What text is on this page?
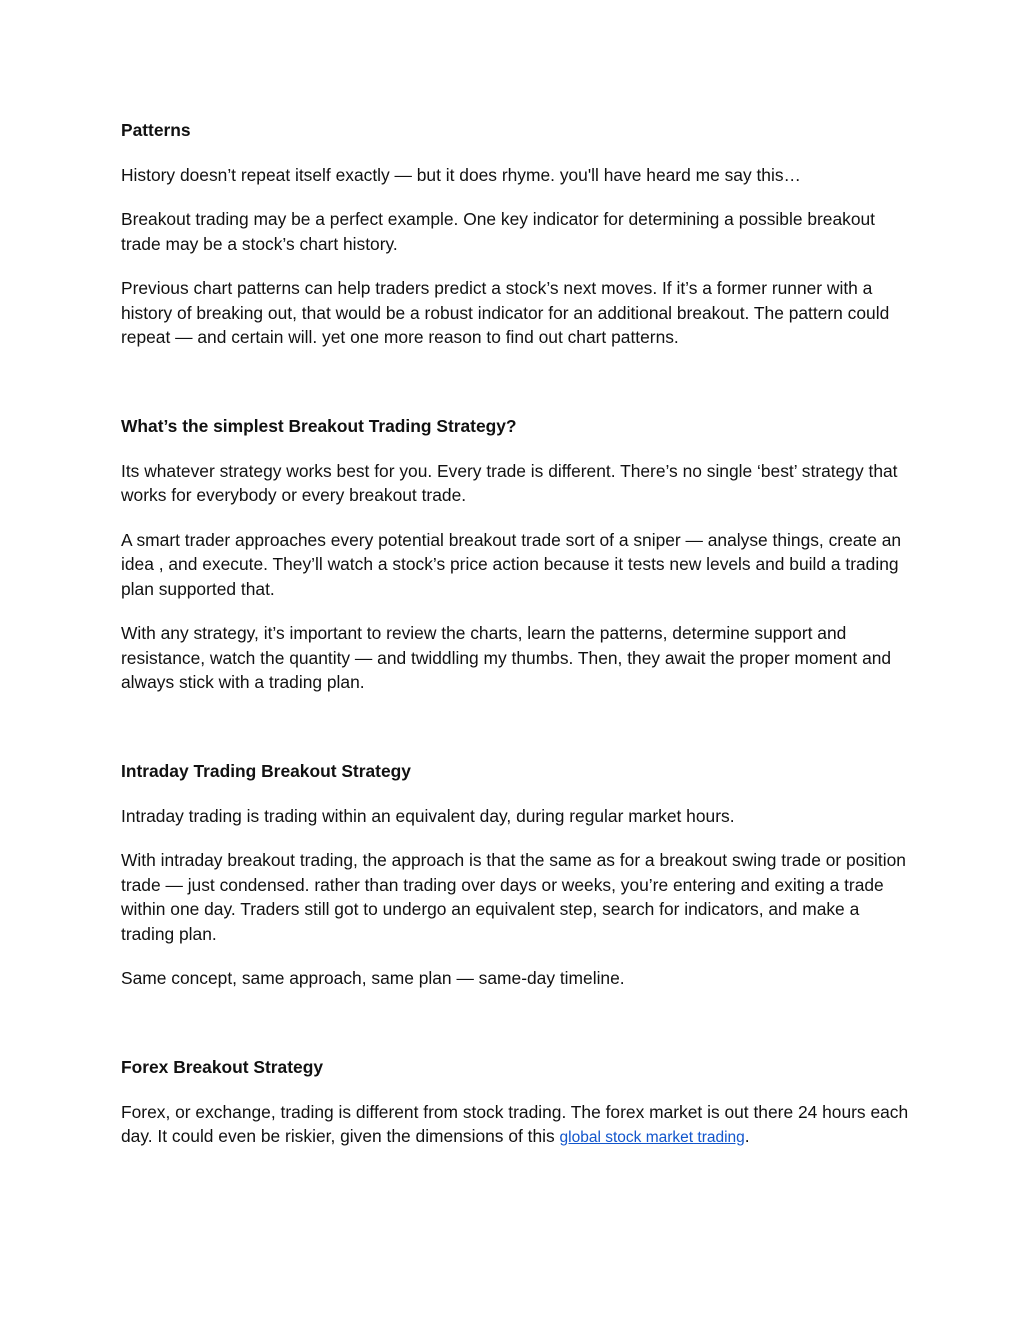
Patterns
History doesn’t repeat itself exactly — but it does rhyme. you'll have heard me say this…
Breakout trading may be a perfect example. One key indicator for determining a possible breakout trade may be a stock’s chart history.
Previous chart patterns can help traders predict a stock’s next moves. If it’s a former runner with a history of breaking out, that would be a robust indicator for an additional breakout. The pattern could repeat — and certain will. yet one more reason to find out chart patterns.
What’s the simplest Breakout Trading Strategy?
Its whatever strategy works best for you. Every trade is different. There’s no single ‘best’ strategy that works for everybody or every breakout trade.
A smart trader approaches every potential breakout trade sort of a sniper — analyse things, create an idea , and execute. They’ll watch a stock’s price action because it tests new levels and build a trading plan supported that.
With any strategy, it’s important to review the charts, learn the patterns, determine support and resistance, watch the quantity — and twiddling my thumbs. Then, they await the proper moment and always stick with a trading plan.
Intraday Trading Breakout Strategy
Intraday trading is trading within an equivalent day, during regular market hours.
With intraday breakout trading, the approach is that the same as for a breakout swing trade or position trade — just condensed. rather than trading over days or weeks, you’re entering and exiting a trade within one day. Traders still got to undergo an equivalent step, search for indicators, and make a trading plan.
Same concept, same approach, same plan — same-day timeline.
Forex Breakout Strategy
Forex, or exchange, trading is different from stock trading. The forex market is out there 24 hours each day. It could even be riskier, given the dimensions of this global stock market trading.
